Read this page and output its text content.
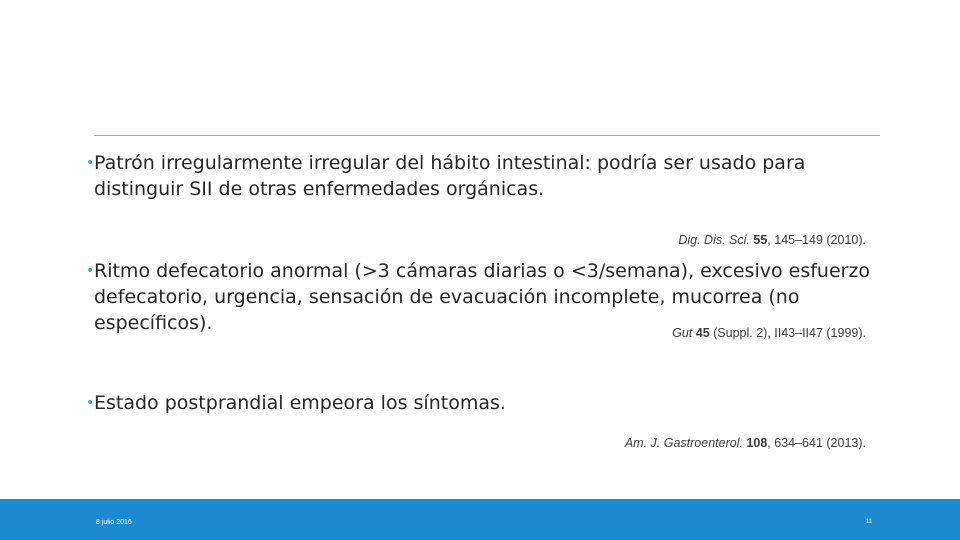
• Patrón irregularmente irregular del hábito intestinal: podría ser usado para distinguir SII de otras enfermedades orgánicas.
Dig. Dis. Sci. 55, 145–149 (2010).
• Ritmo defecatorio anormal (>3 cámaras diarias o <3/semana), excesivo esfuerzo defecatorio, urgencia, sensación de evacuación incomplete, mucorrea (no específicos).	Gut 45 (Suppl. 2), II43–II47 (1999).
• Estado postprandial empeora los síntomas.
Am. J. Gastroenterol. 108, 634–641 (2013).
8 julio 2016	11
